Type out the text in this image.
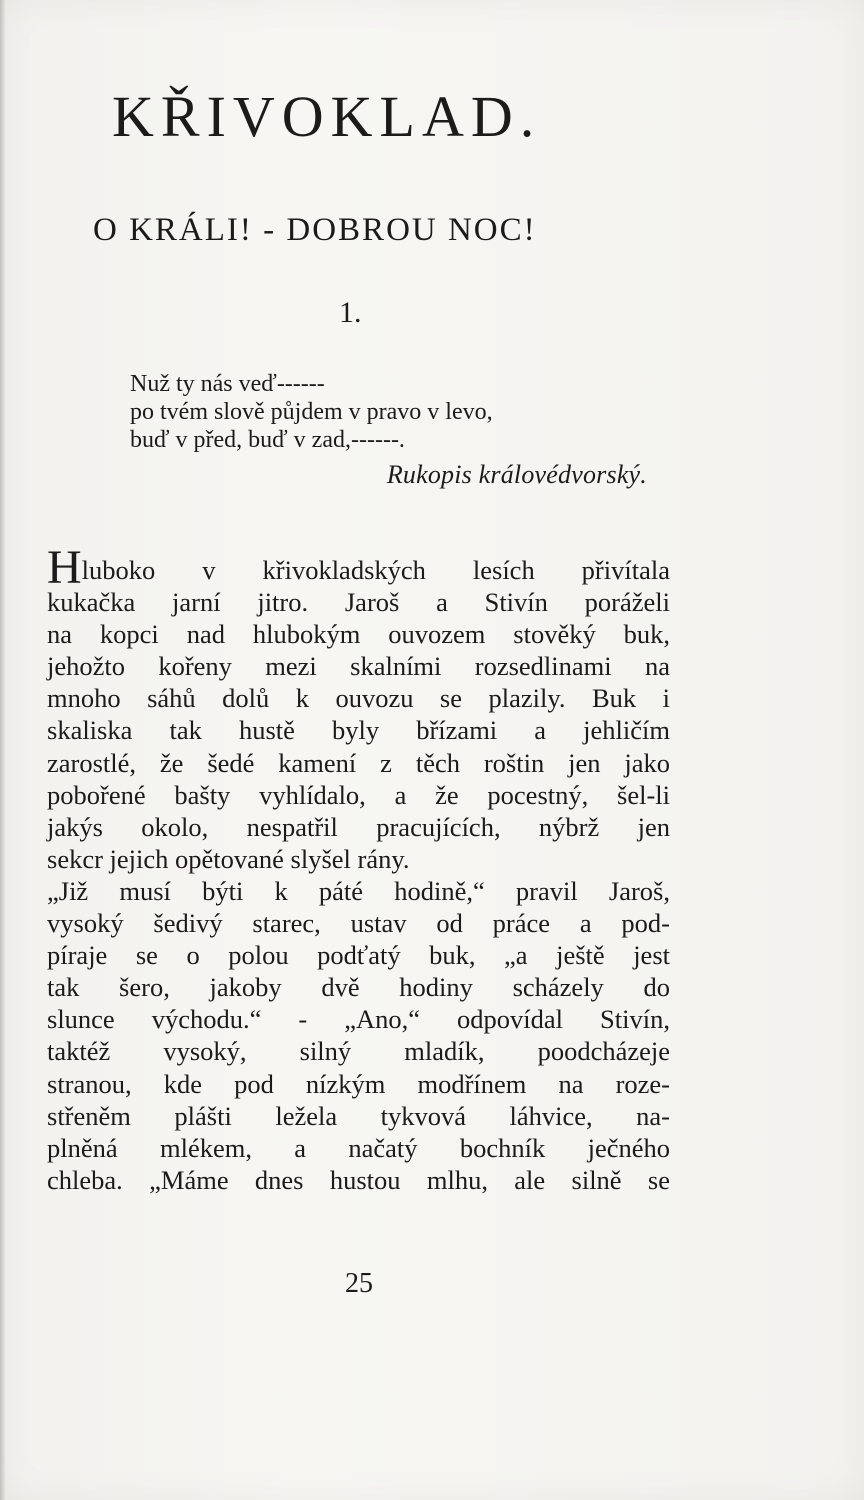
KŘIVOKLAD.
O KRÁLI! - DOBROU NOC!
1.
Nuž ty nás veď------
po tvém slově půjdem v pravo v levo,
buď v před, buď v zad,------.
Rukopis královédvorský.
Hluboko v křivokladských lesích přivítala
kukačka jarní jitro. Jaroš a Stivín poráželi
na kopci nad hlubokým ouvozem stověký buk,
jehožto kořeny mezi skalními rozsedlinami na
mnoho sáhů dolů k ouvozu se plazily. Buk i
skaliska tak hustě byly břízami a jehličím
zarostlé, že šedé kamení z těch roštin jen jako
pobořené bašty vyhlídalo, a že pocestný, šel-li
jakýs okolo, nespatřil pracujících, nýbrž jen
sekcr jejich opětované slyšel rány.
„Již musí býti k páté hodině,“ pravil Jaroš,
vysoký šedivý starec, ustav od práce a pod-
píraje se o polou podťatý buk, „a ještě jest
tak šero, jakoby dvě hodiny scházely do
slunce východu.“ - „Ano,“ odpovídal Stivín,
taktéž vysoký, silný mladík, poodcházeje
stranou, kde pod nízkým modřínem na roze-
střeněm plášti ležela tykvová láhvice, na-
plněná mlékem, a načatý bochník ječného
chleba. „Máme dnes hustou mlhu, ale silně se
25
